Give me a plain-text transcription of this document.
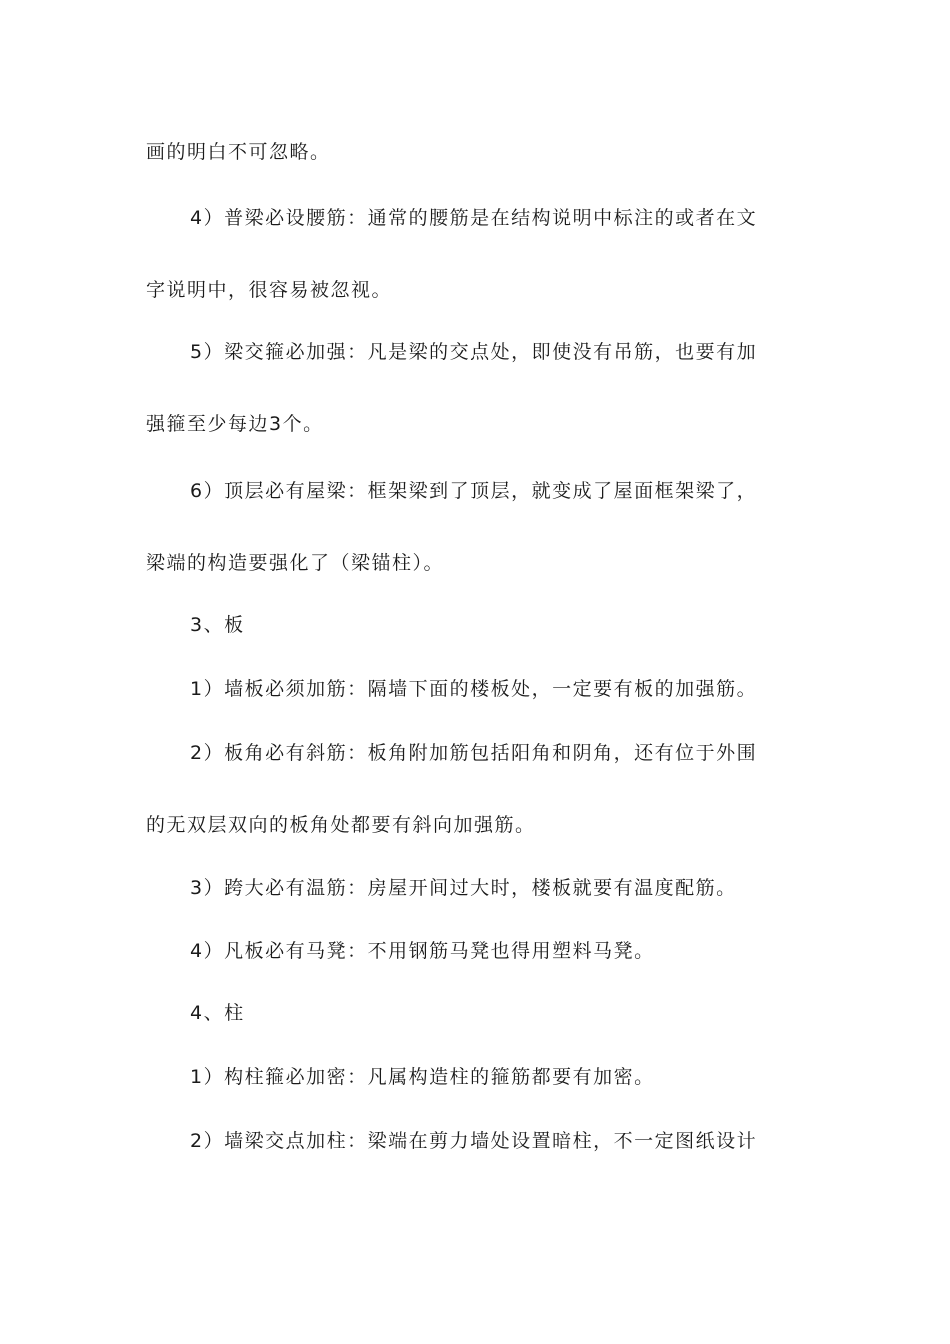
画的明白不可忽略。
4）普梁必设腰筋：通常的腰筋是在结构说明中标注的或者在文
字说明中，很容易被忽视。
5）梁交箍必加强：凡是梁的交点处，即使没有吊筋，也要有加
强箍至少每边3个。
6）顶层必有屋梁：框架梁到了顶层，就变成了屋面框架梁了，
梁端的构造要强化了（梁锚柱）。
3、板
1）墙板必须加筋：隔墙下面的楼板处，一定要有板的加强筋。
2）板角必有斜筋：板角附加筋包括阳角和阴角，还有位于外围
的无双层双向的板角处都要有斜向加强筋。
3）跨大必有温筋：房屋开间过大时，楼板就要有温度配筋。
4）凡板必有马凳：不用钢筋马凳也得用塑料马凳。
4、柱
1）构柱箍必加密：凡属构造柱的箍筋都要有加密。
2）墙梁交点加柱：梁端在剪力墙处设置暗柱，不一定图纸设计
